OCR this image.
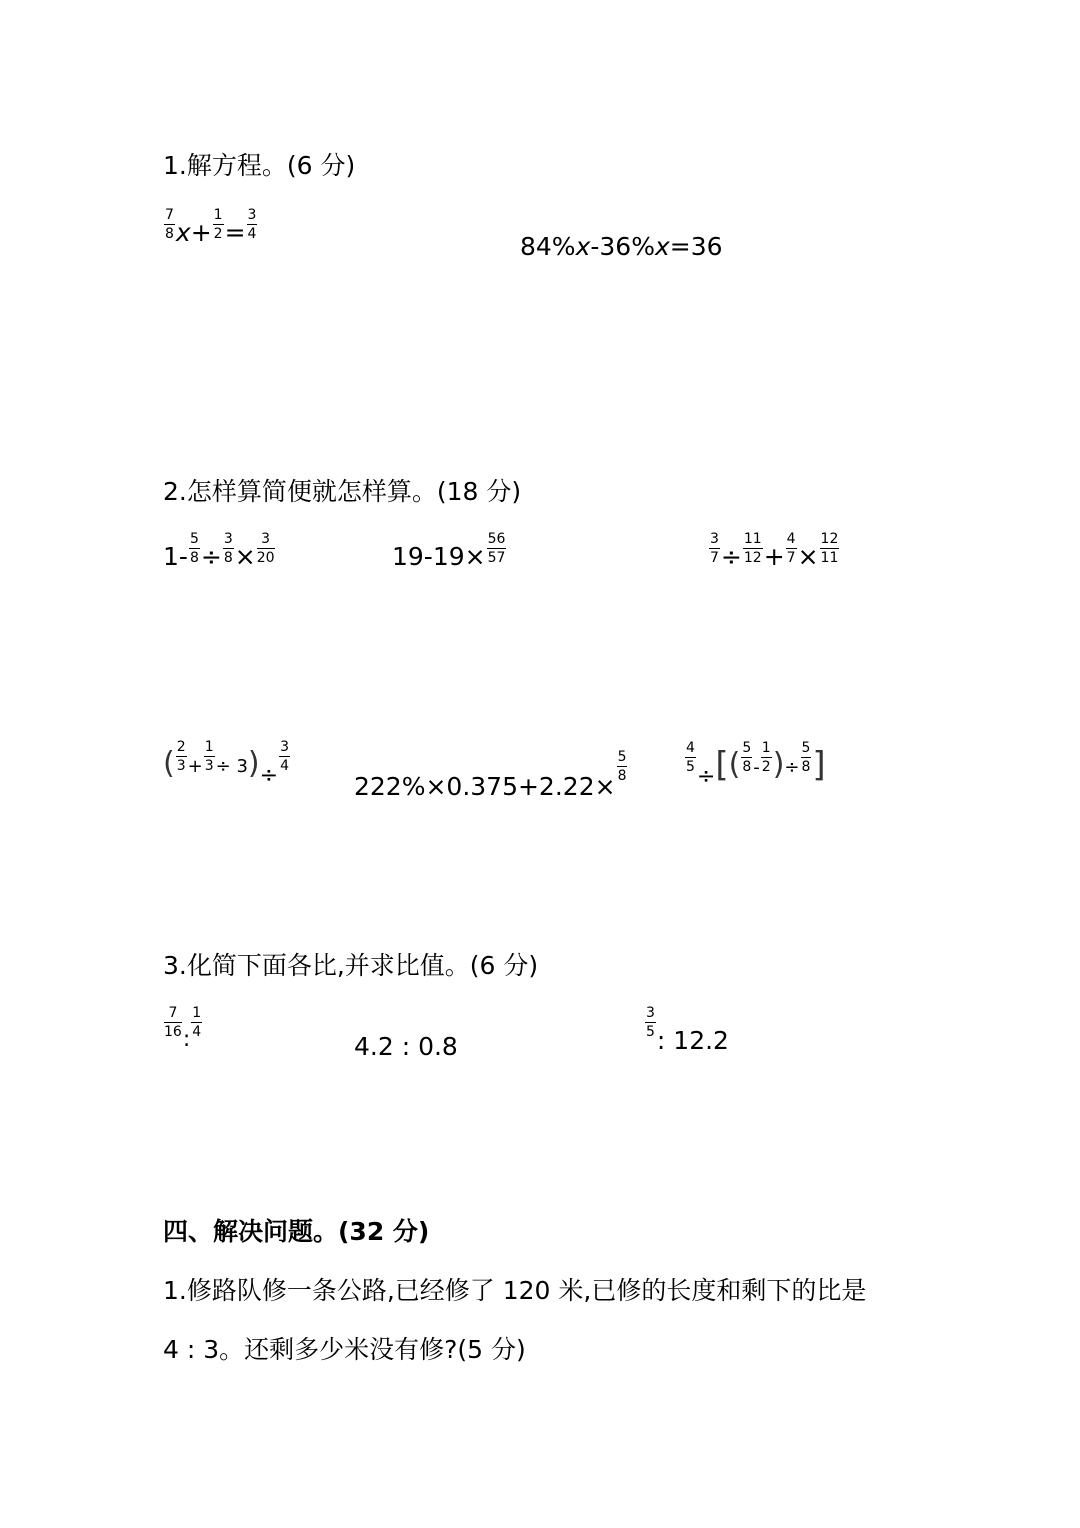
1.解方程。(6 分)
$\frac{7}{8} x+ \frac{1}{2} = \frac{3}{4}$
84%x-36%x=36
2.怎样算简便就怎样算。(18 分)
$1- \frac{5}{8} \div \frac{3}{8} \times \frac{3}{20}$	$19-19\times \frac{56}{57}$	$\frac{3}{7} \div \frac{11}{12} + \frac{4}{7} \times \frac{12}{11}$
( $\frac{2}{3} + \frac{1}{3} \div 3)\div$
$\frac{3}{4}$
222%×0.375+2.22×
$\frac{5}{8}$	$\frac{4}{5}$
÷[( $\frac{5}{8} - \frac{1}{2}$ )÷ $\frac{5}{8}$ ]
3.化简下面各比,并求比值。(6 分)
$\frac{7}{16}$
:
$\frac{1}{4}$
4.2 : 0.8
$\frac{3}{5}$
: 12.2
四、解决问题。(32 分)
1.修路队修一条公路,已经修了 120 米,已修的长度和剩下的比是
4 : 3。还剩多少米没有修?(5 分)
